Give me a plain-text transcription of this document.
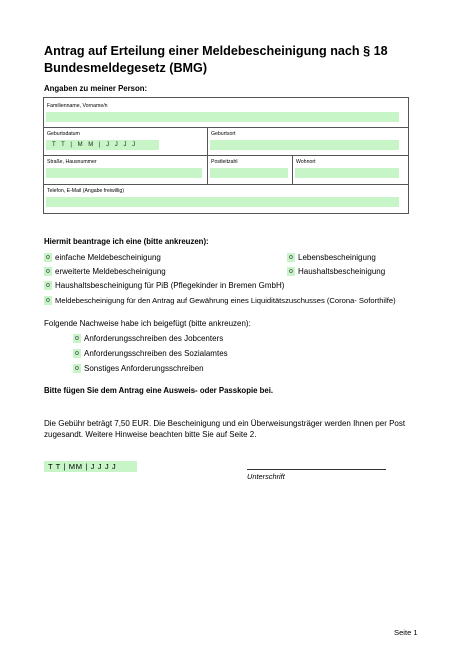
Antrag auf Erteilung einer Meldebescheinigung nach § 18 Bundesmeldegesetz (BMG)
Angaben zu meiner Person:
Familienname, Vorname/n
Geburtsdatum
T T | M M | J J J J
Geburtsort
Straße, Hausnummer	Postleitzahl	Wohnort
Telefon, E-Mail (Angabe freiwillig)
Hiermit beantrage ich eine (bitte ankreuzen):
o einfache Meldebescheinigung
o erweiterte Meldebescheinigung
o Haushaltsbescheinigung für PiB (Pflegekinder in Bremen GmbH)
o Meldebescheinigung für den Antrag auf Gewährung eines Liquiditätszuschusses (Corona- Soforthilfe)
o Lebensbescheinigung
o Haushaltsbescheinigung
Folgende Nachweise habe ich beigefügt (bitte ankreuzen):
o Anforderungsschreiben des Jobcenters
o Anforderungsschreiben des Sozialamtes
o Sonstiges Anforderungsschreiben
Bitte fügen Sie dem Antrag eine Ausweis- oder Passkopie bei.
Die Gebühr beträgt 7,50 EUR. Die Bescheinigung und ein Überweisungsträger werden Ihnen per Post zugesandt. Weitere Hinweise beachten bitte Sie auf Seite 2.
T T | MM | J J J J
Unterschrift
Seite 1
